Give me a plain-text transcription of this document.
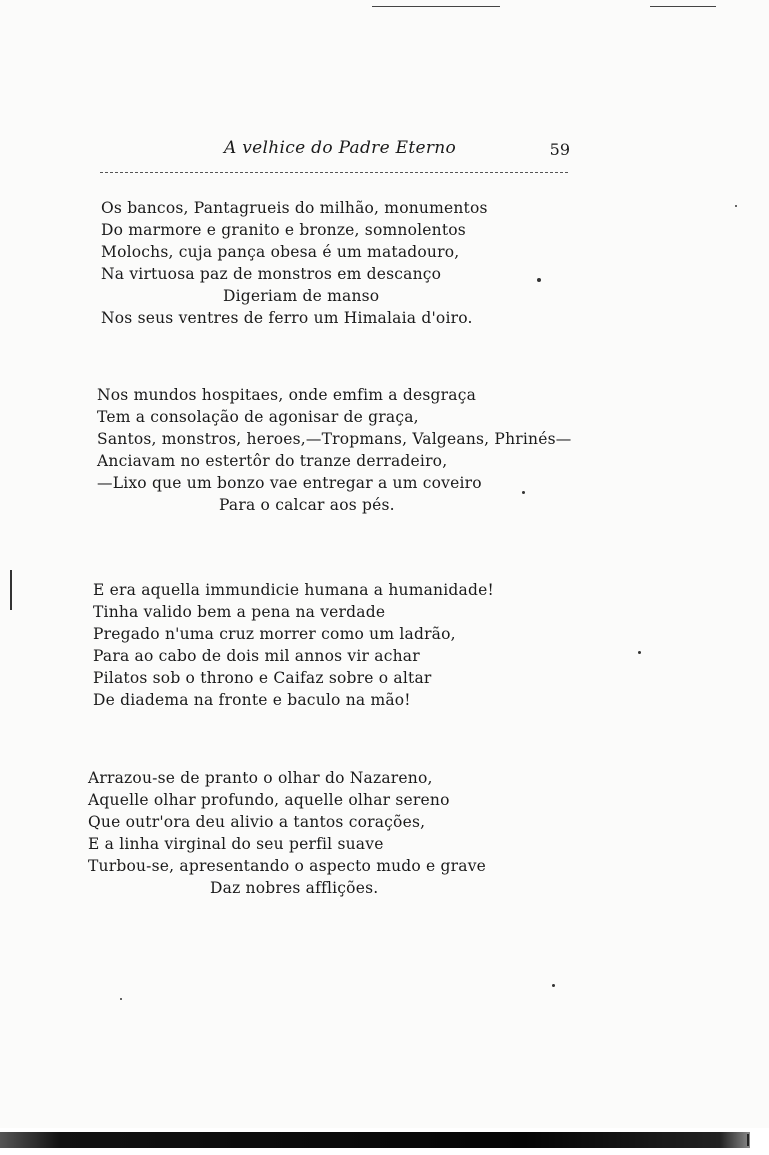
A velhice do Padre Eterno	59
Os bancos, Pantagrueis do milhão, monumentos
Do marmore e granito e bronze, somnolentos
Molochs, cuja pança obesa é um matadouro,
Na virtuosa paz de monstros em descanço
Digeriam de manso
Nos seus ventres de ferro um Himalaia d'oiro.
Nos mundos hospitaes, onde emfim a desgraça
Tem a consolação de agonisar de graça,
Santos, monstros, heroes,—Tropmans, Valgeans, Phrinés—
Anciavam no estertôr do tranze derradeiro,
—Lixo que um bonzo vae entregar a um coveiro
Para o calcar aos pés.
E era aquella immundicie humana a humanidade!
Tinha valido bem a pena na verdade
Pregado n'uma cruz morrer como um ladrão,
Para ao cabo de dois mil annos vir achar
Pilatos sob o throno e Caifaz sobre o altar
De diadema na fronte e baculo na mão!
Arrazou-se de pranto o olhar do Nazareno,
Aquelle olhar profundo, aquelle olhar sereno
Que outr'ora deu alivio a tantos corações,
E a linha virginal do seu perfil suave
Turbou-se, apresentando o aspecto mudo e grave
Daz nobres afflições.
